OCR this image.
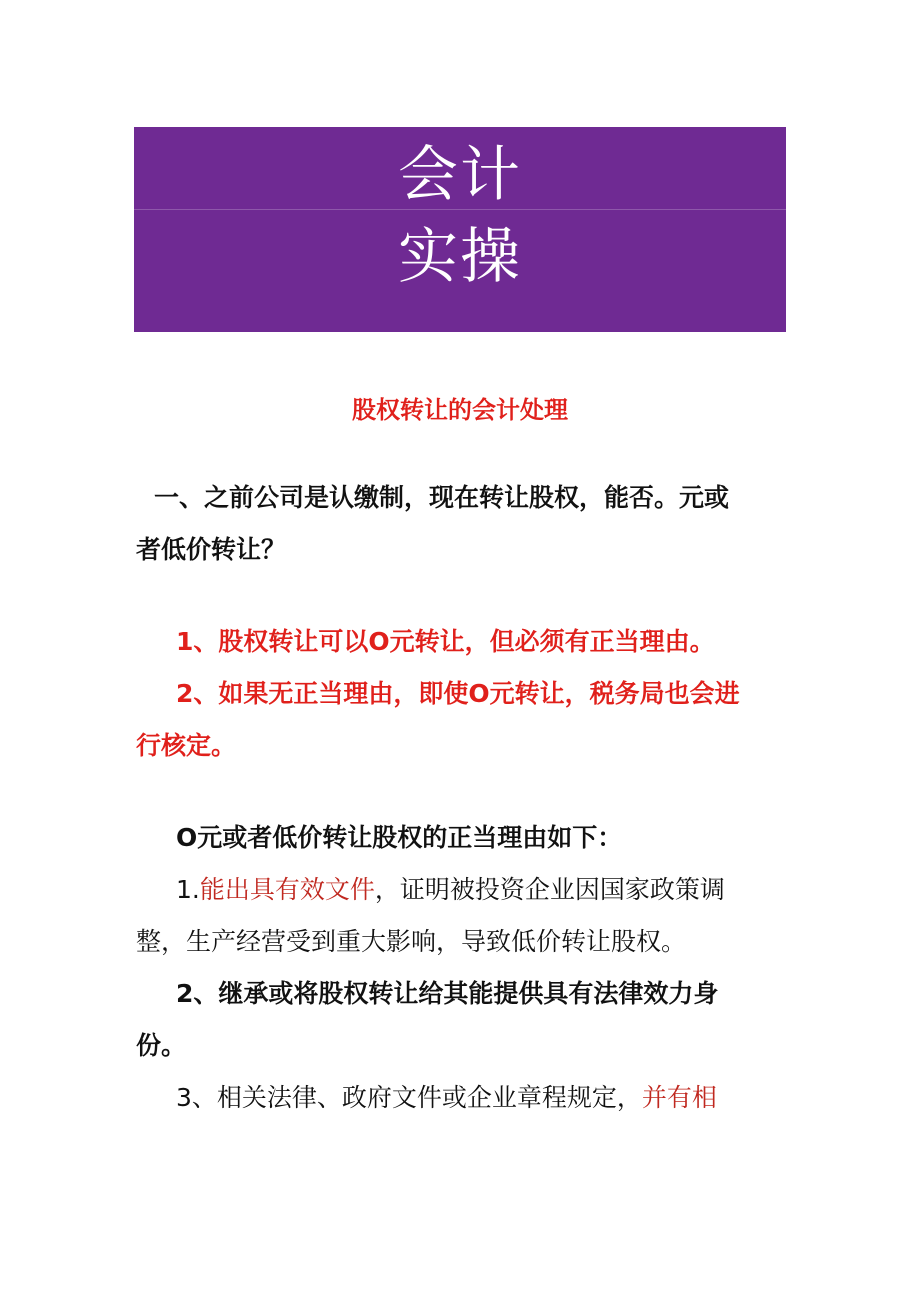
会计
实操
股权转让的会计处理

一、之前公司是认缴制，现在转让股权，能否。元或

者低价转让？

1、股权转让可以O元转让，但必须有正当理由。

2、如果无正当理由，即使O元转让，税务局也会进

行核定。

O元或者低价转让股权的正当理由如下：

1.能出具有效文件，证明被投资企业因国家政策调

整，生产经营受到重大影响，导致低价转让股权。

2、继承或将股权转让给其能提供具有法律效力身

份。

3、相关法律、政府文件或企业章程规定，并有相
